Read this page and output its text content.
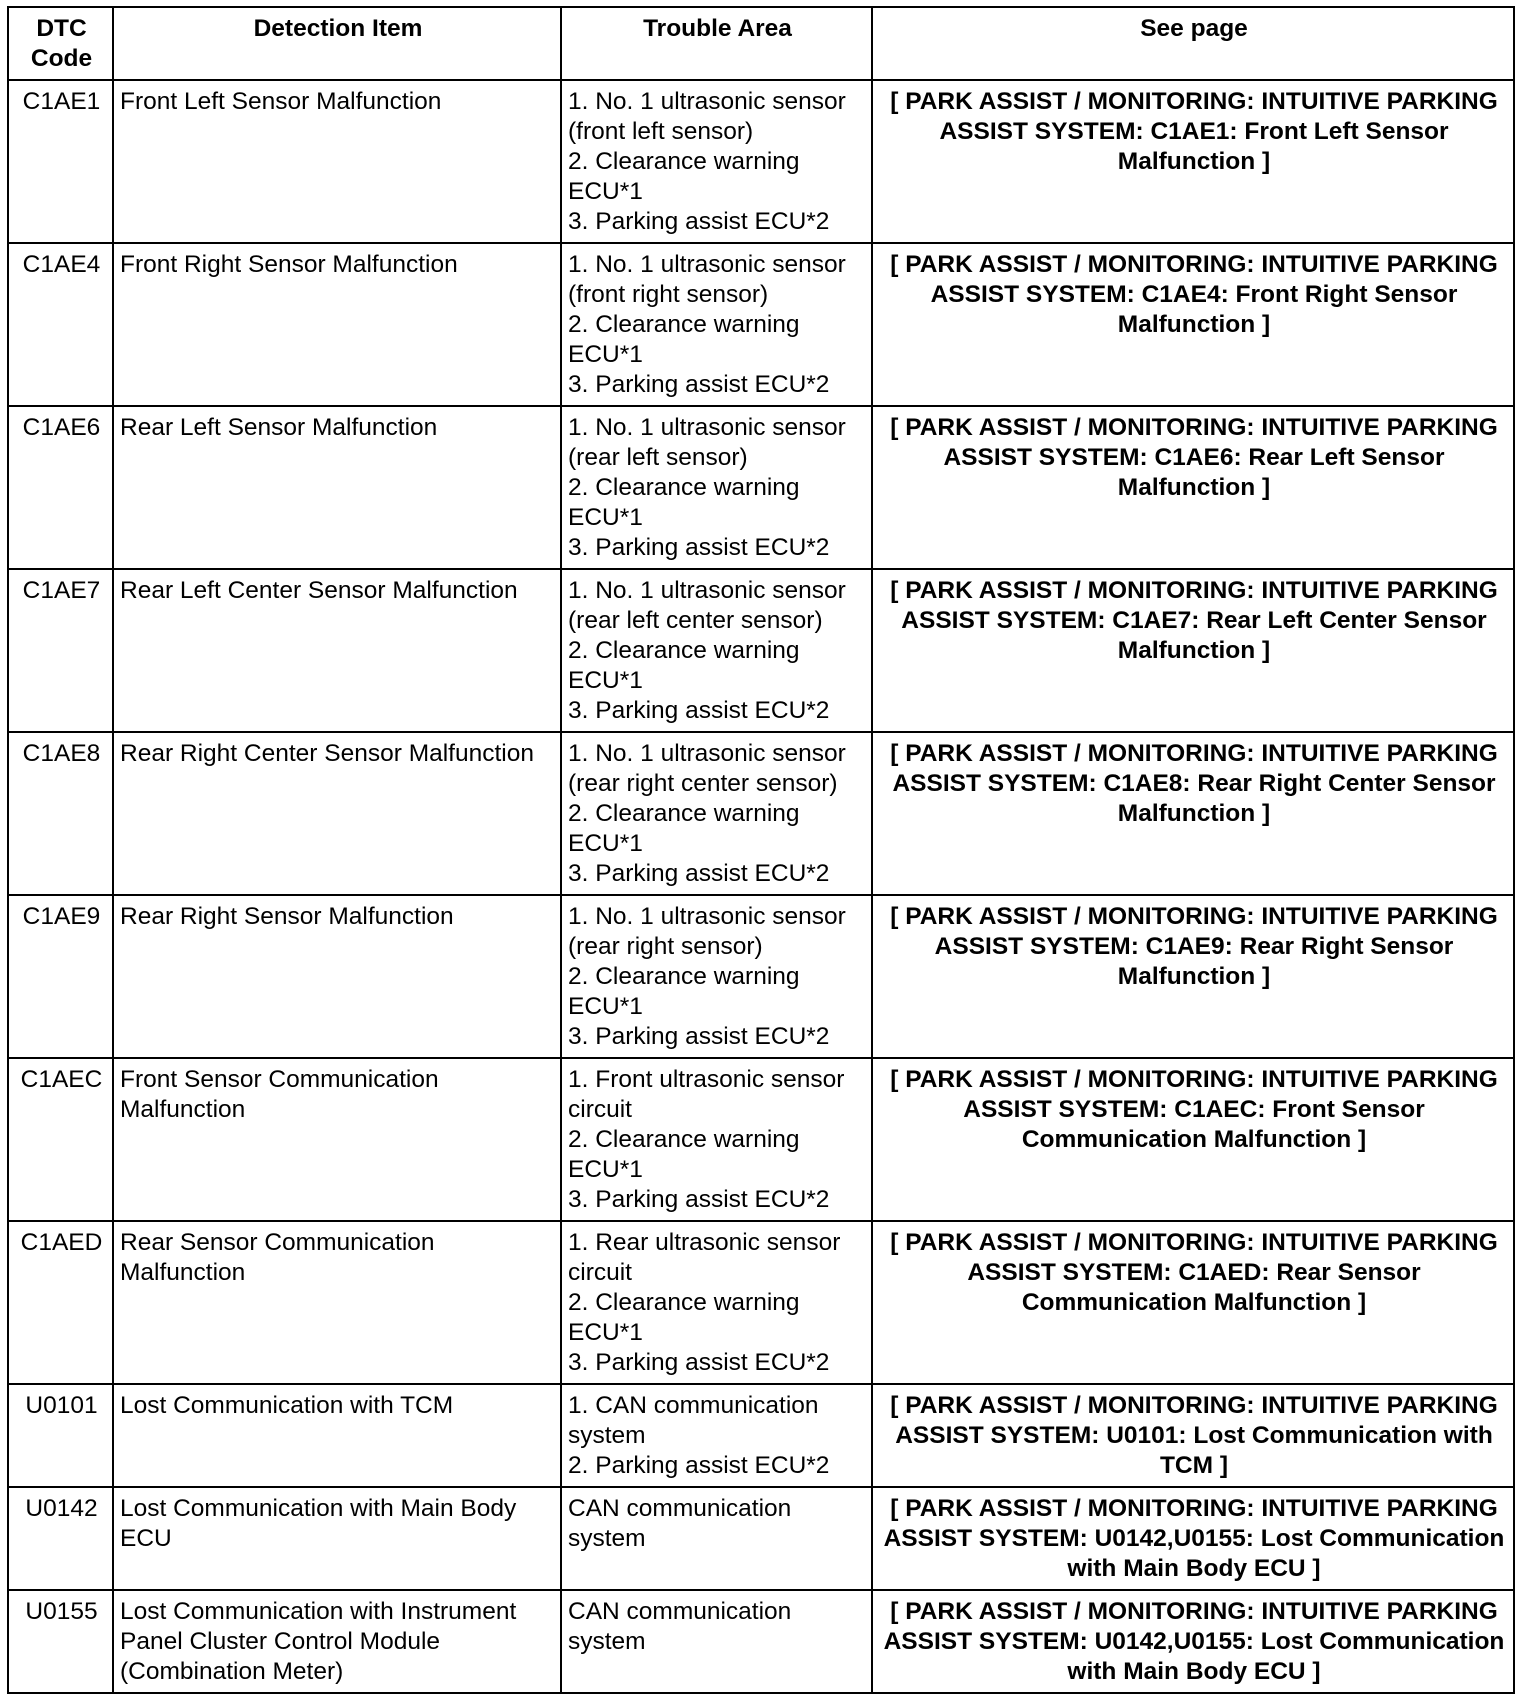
DTC
Code	Detection Item	Trouble Area	See page
C1AE1	Front Left Sensor Malfunction	1. No. 1 ultrasonic sensor
(front left sensor)
2. Clearance warning
ECU*1
3. Parking assist ECU*2	[ PARK ASSIST / MONITORING: INTUITIVE PARKING ASSIST SYSTEM: C1AE1: Front Left Sensor Malfunction ]
C1AE4	Front Right Sensor Malfunction	1. No. 1 ultrasonic sensor
(front right sensor)
2. Clearance warning
ECU*1
3. Parking assist ECU*2	[ PARK ASSIST / MONITORING: INTUITIVE PARKING ASSIST SYSTEM: C1AE4: Front Right Sensor Malfunction ]
C1AE6	Rear Left Sensor Malfunction	1. No. 1 ultrasonic sensor
(rear left sensor)
2. Clearance warning
ECU*1
3. Parking assist ECU*2	[ PARK ASSIST / MONITORING: INTUITIVE PARKING ASSIST SYSTEM: C1AE6: Rear Left Sensor Malfunction ]
C1AE7	Rear Left Center Sensor Malfunction	1. No. 1 ultrasonic sensor
(rear left center sensor)
2. Clearance warning
ECU*1
3. Parking assist ECU*2	[ PARK ASSIST / MONITORING: INTUITIVE PARKING ASSIST SYSTEM: C1AE7: Rear Left Center Sensor Malfunction ]
C1AE8	Rear Right Center Sensor Malfunction	1. No. 1 ultrasonic sensor
(rear right center sensor)
2. Clearance warning
ECU*1
3. Parking assist ECU*2	[ PARK ASSIST / MONITORING: INTUITIVE PARKING ASSIST SYSTEM: C1AE8: Rear Right Center Sensor Malfunction ]
C1AE9	Rear Right Sensor Malfunction	1. No. 1 ultrasonic sensor
(rear right sensor)
2. Clearance warning
ECU*1
3. Parking assist ECU*2	[ PARK ASSIST / MONITORING: INTUITIVE PARKING ASSIST SYSTEM: C1AE9: Rear Right Sensor Malfunction ]
C1AEC	Front Sensor Communication Malfunction	1. Front ultrasonic sensor
circuit
2. Clearance warning
ECU*1
3. Parking assist ECU*2	[ PARK ASSIST / MONITORING: INTUITIVE PARKING ASSIST SYSTEM: C1AEC: Front Sensor Communication Malfunction ]
C1AED	Rear Sensor Communication Malfunction	1. Rear ultrasonic sensor
circuit
2. Clearance warning
ECU*1
3. Parking assist ECU*2	[ PARK ASSIST / MONITORING: INTUITIVE PARKING ASSIST SYSTEM: C1AED: Rear Sensor Communication Malfunction ]
U0101	Lost Communication with TCM	1. CAN communication
system
2. Parking assist ECU*2	[ PARK ASSIST / MONITORING: INTUITIVE PARKING ASSIST SYSTEM: U0101: Lost Communication with TCM ]
U0142	Lost Communication with Main Body ECU	CAN communication
system	[ PARK ASSIST / MONITORING: INTUITIVE PARKING ASSIST SYSTEM: U0142,U0155: Lost Communication with Main Body ECU ]
U0155	Lost Communication with Instrument Panel Cluster Control Module (Combination Meter)	CAN communication
system	[ PARK ASSIST / MONITORING: INTUITIVE PARKING ASSIST SYSTEM: U0142,U0155: Lost Communication with Main Body ECU ]
